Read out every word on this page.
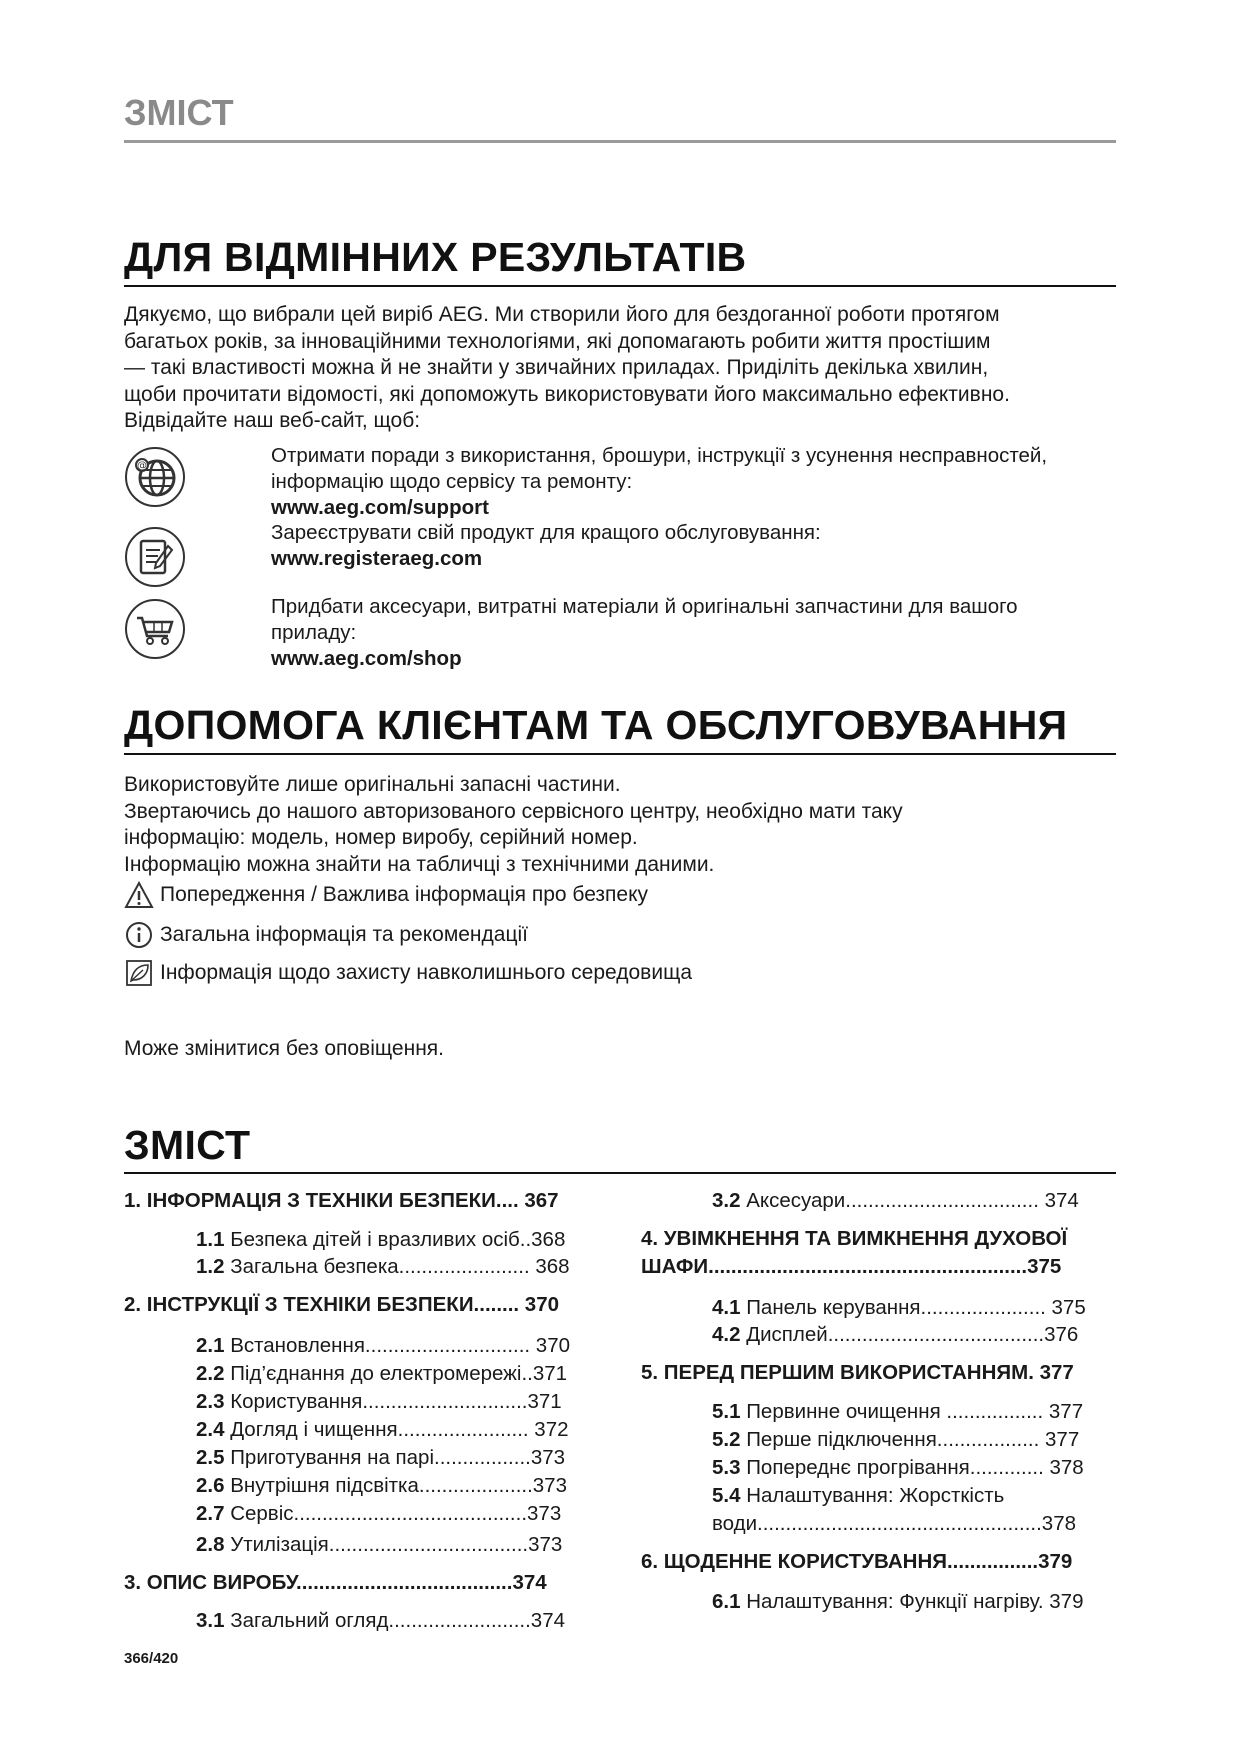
ЗМІСТ
ДЛЯ ВІДМІННИХ РЕЗУЛЬТАТІВ

Дякуємо, що вибрали цей виріб AEG. Ми створили його для бездоганної роботи протягом

багатьох років, за інноваційними технологіями, які допомагають робити життя простішим

— такі властивості можна й не знайти у звичайних приладах. Приділіть декілька хвилин,

щоби прочитати відомості, які допоможуть використовувати його максимально ефективно.

Відвідайте наш веб-сайт, щоб:

@	Отримати поради з використання, брошури, інструкції з усунення несправностей,
інформацію щодо сервісу та ремонту:
www.aeg.com/support
Зареєструвати свій продукт для кращого обслуговування:
www.registeraeg.com
Придбати аксесуари, витратні матеріали й оригінальні запчастини для вашого
приладу:
www.aeg.com/shop
ДОПОМОГА КЛІЄНТАМ ТА ОБСЛУГОВУВАННЯ

Використовуйте лише оригінальні запасні частини.

Звертаючись до нашого авторизованого сервісного центру, необхідно мати таку

інформацію: модель, номер виробу, серійний номер.

Інформацію можна знайти на табличці з технічними даними.

Попередження / Важлива інформація про безпеку
Загальна інформація та рекомендації
Інформація щодо захисту навколишнього середовища
Може змінитися без оповіщення.
ЗМІСТ
1. ІНФОРМАЦІЯ З ТЕХНІКИ БЕЗПЕКИ.... 367
1.1 Безпека дітей і вразливих осіб..368
1.2 Загальна безпека....................... 368
2. ІНСТРУКЦІЇ З ТЕХНІКИ БЕЗПЕКИ........ 370
2.1 Встановлення............................. 370
2.2 Під’єднання до електромережі..371
2.3 Користування.............................371
2.4 Догляд і чищення....................... 372
2.5 Приготування на парі.................373
2.6 Внутрішня підсвітка....................373
2.7 Сервіс.........................................373
2.8 Утилізація...................................373
3. ОПИС ВИРОБУ......................................374
3.1 Загальний огляд.........................374
3.2 Аксесуари.................................. 374
4. УВІМКНЕННЯ ТА ВИМКНЕННЯ ДУХОВОЇ
ШАФИ........................................................375
4.1 Панель керування...................... 375
4.2 Дисплей......................................376
5. ПЕРЕД ПЕРШИМ ВИКОРИСТАННЯМ. 377
5.1 Первинне очищення ................. 377
5.2 Перше підключення.................. 377
5.3 Попереднє прогрівання............. 378
5.4 Налаштування: Жорсткість
води..................................................378
6. ЩОДЕННЕ КОРИСТУВАННЯ................379
6.1 Налаштування: Функції нагріву. 379
366/420
